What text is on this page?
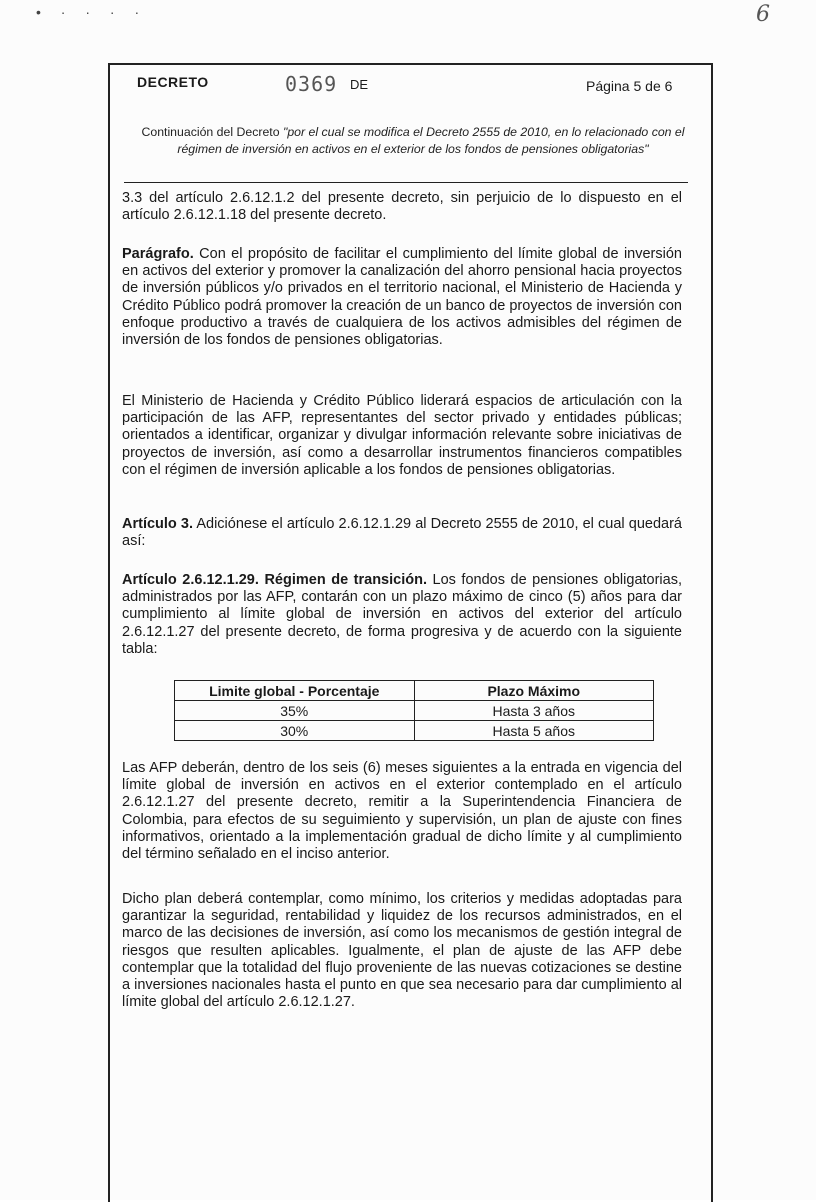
• · · · ·	6
DECRETO	0369 DE	Página 5 de 6
Continuación del Decreto "por el cual se modifica el Decreto 2555 de 2010, en lo relacionado con el régimen de inversión en activos en el exterior de los fondos de pensiones obligatorias"
3.3 del artículo 2.6.12.1.2 del presente decreto, sin perjuicio de lo dispuesto en el artículo 2.6.12.1.18 del presente decreto.
Parágrafo. Con el propósito de facilitar el cumplimiento del límite global de inversión en activos del exterior y promover la canalización del ahorro pensional hacia proyectos de inversión públicos y/o privados en el territorio nacional, el Ministerio de Hacienda y Crédito Público podrá promover la creación de un banco de proyectos de inversión con enfoque productivo a través de cualquiera de los activos admisibles del régimen de inversión de los fondos de pensiones obligatorias.
El Ministerio de Hacienda y Crédito Público liderará espacios de articulación con la participación de las AFP, representantes del sector privado y entidades públicas; orientados a identificar, organizar y divulgar información relevante sobre iniciativas de proyectos de inversión, así como a desarrollar instrumentos financieros compatibles con el régimen de inversión aplicable a los fondos de pensiones obligatorias.
Artículo 3. Adiciónese el artículo 2.6.12.1.29 al Decreto 2555 de 2010, el cual quedará así:
Artículo 2.6.12.1.29. Régimen de transición. Los fondos de pensiones obligatorias, administrados por las AFP, contarán con un plazo máximo de cinco (5) años para dar cumplimiento al límite global de inversión en activos del exterior del artículo 2.6.12.1.27 del presente decreto, de forma progresiva y de acuerdo con la siguiente tabla:
Limite global - Porcentaje	Plazo Máximo
35%	Hasta 3 años
30%	Hasta 5 años
Las AFP deberán, dentro de los seis (6) meses siguientes a la entrada en vigencia del límite global de inversión en activos en el exterior contemplado en el artículo 2.6.12.1.27 del presente decreto, remitir a la Superintendencia Financiera de Colombia, para efectos de su seguimiento y supervisión, un plan de ajuste con fines informativos, orientado a la implementación gradual de dicho límite y al cumplimiento del término señalado en el inciso anterior.
Dicho plan deberá contemplar, como mínimo, los criterios y medidas adoptadas para garantizar la seguridad, rentabilidad y liquidez de los recursos administrados, en el marco de las decisiones de inversión, así como los mecanismos de gestión integral de riesgos que resulten aplicables. Igualmente, el plan de ajuste de las AFP debe contemplar que la totalidad del flujo proveniente de las nuevas cotizaciones se destine a inversiones nacionales hasta el punto en que sea necesario para dar cumplimiento al límite global del artículo 2.6.12.1.27.
